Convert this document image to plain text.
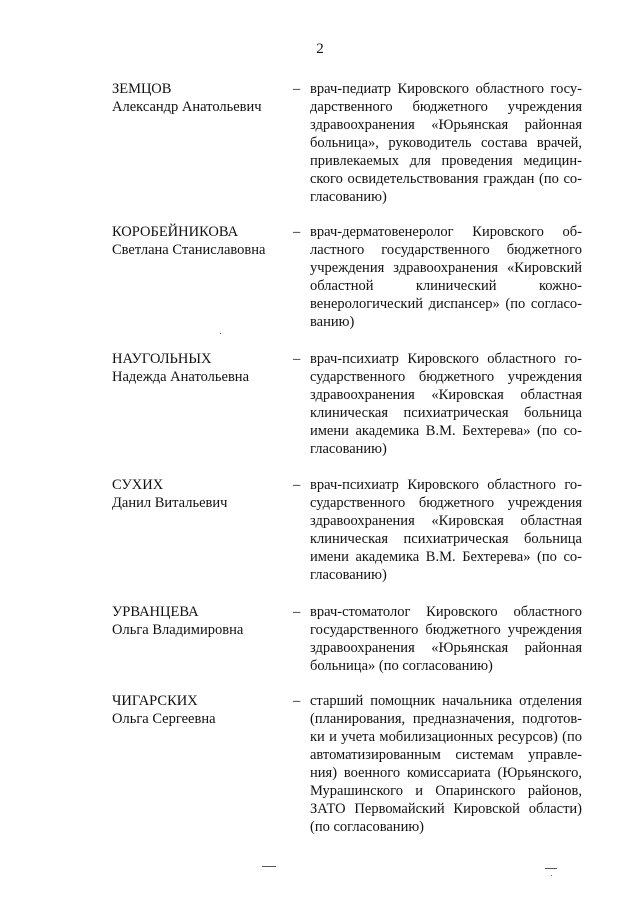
2
ЗЕМЦОВ
Александр Анатольевич
– врач-педиатр Кировского областного госу-
дарственного бюджетного учреждения
здравоохранения «Юрьянская районная
больница», руководитель состава врачей,
привлекаемых для проведения медицин-
ского освидетельствования граждан (по со-
гласованию)
КОРОБЕЙНИКОВА
Светлана Станиславовна
– врач-дерматовенеролог Кировского об-
ластного государственного бюджетного
учреждения здравоохранения «Кировский
областной клинический кожно-
венерологический диспансер» (по согласо-
ванию)
НАУГОЛЬНЫХ
Надежда Анатольевна
– врач-психиатр Кировского областного го-
сударственного бюджетного учреждения
здравоохранения «Кировская областная
клиническая психиатрическая больница
имени академика В.М. Бехтерева» (по со-
гласованию)
СУХИХ
Данил Витальевич
– врач-психиатр Кировского областного го-
сударственного бюджетного учреждения
здравоохранения «Кировская областная
клиническая психиатрическая больница
имени академика В.М. Бехтерева» (по со-
гласованию)
УРВАНЦЕВА
Ольга Владимировна
– врач-стоматолог Кировского областного
государственного бюджетного учреждения
здравоохранения «Юрьянская районная
больница» (по согласованию)
ЧИГАРСКИХ
Ольга Сергеевна
– старший помощник начальника отделения
(планирования, предназначения, подготов-
ки и учета мобилизационных ресурсов) (по
автоматизированным системам управле-
ния) военного комиссариата (Юрьянского,
Мурашинского и Опаринского районов,
ЗАТО Первомайский Кировской области)
(по согласованию)
